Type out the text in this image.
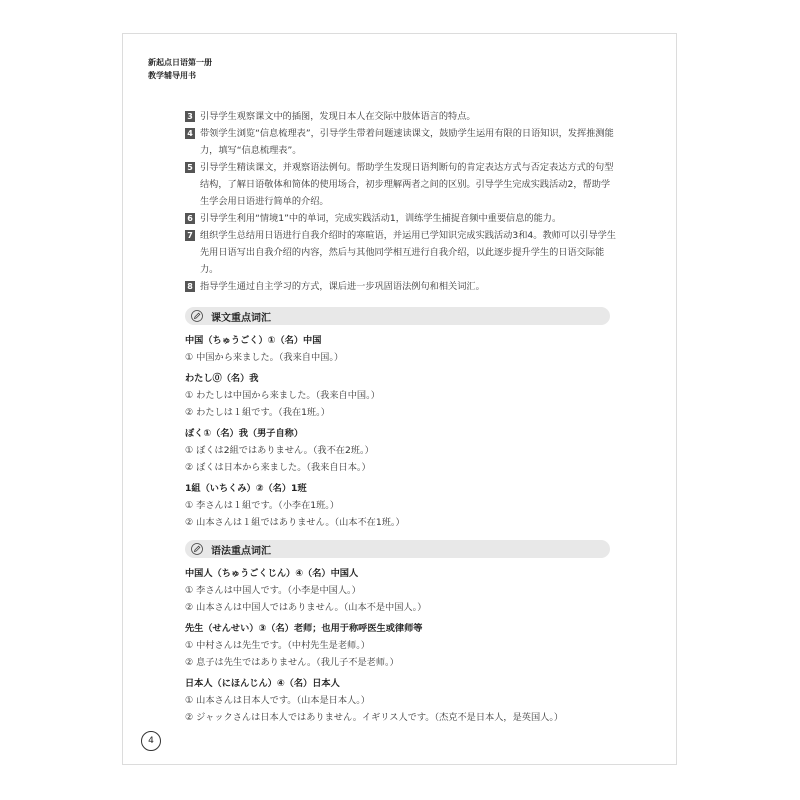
新起点日语第一册
教学辅导用书
3 引导学生观察课文中的插图，发现日本人在交际中肢体语言的特点。
4 带领学生浏览“信息梳理表”，引导学生带着问题速读课文，鼓励学生运用有限的日语知识，发挥推测能力，填写“信息梳理表”。
5 引导学生精读课文，并观察语法例句。帮助学生发现日语判断句的肯定表达方式与否定表达方式的句型结构，了解日语敬体和简体的使用场合，初步理解两者之间的区别。引导学生完成实践活动2，帮助学生学会用日语进行简单的介绍。
6 引导学生利用“情境1”中的单词，完成实践活动1，训练学生捕捉音频中重要信息的能力。
7 组织学生总结用日语进行自我介绍时的寒暄语，并运用已学知识完成实践活动3和4。教师可以引导学生先用日语写出自我介绍的内容，然后与其他同学相互进行自我介绍，以此逐步提升学生的日语交际能力。
8 指导学生通过自主学习的方式，课后进一步巩固语法例句和相关词汇。
课文重点词汇
中国（ちゅうごく）①（名）中国
① 中国から来ました。（我来自中国。）
わたし⓪（名）我
① わたしは中国から来ました。（我来自中国。）
② わたしは１組です。（我在1班。）
ぼく①（名）我（男子自称）
① ぼくは2組ではありません。（我不在2班。）
② ぼくは日本から来ました。（我来自日本。）
1組（いちくみ）②（名）1班
① 李さんは１組です。（小李在1班。）
② 山本さんは１組ではありません。（山本不在1班。）
语法重点词汇
中国人（ちゅうごくじん）④（名）中国人
① 李さんは中国人です。（小李是中国人。）
② 山本さんは中国人ではありません。（山本不是中国人。）
先生（せんせい）③（名）老师；也用于称呼医生或律师等
① 中村さんは先生です。（中村先生是老师。）
② 息子は先生ではありません。（我儿子不是老师。）
日本人（にほんじん）④（名）日本人
① 山本さんは日本人です。（山本是日本人。）
② ジャックさんは日本人ではありません。イギリス人です。（杰克不是日本人，是英国人。）
4
